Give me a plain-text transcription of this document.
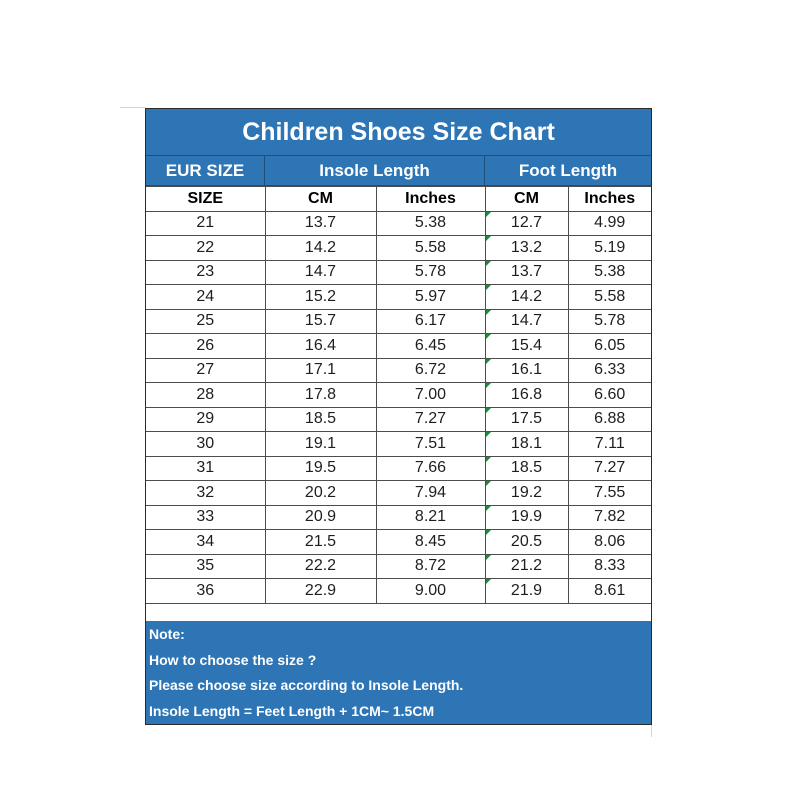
Children Shoes Size Chart
EUR SIZE	Insole Length	Foot Length
SIZE	CM	Inches	CM	Inches
21	13.7	5.38	12.7	4.99
22	14.2	5.58	13.2	5.19
23	14.7	5.78	13.7	5.38
24	15.2	5.97	14.2	5.58
25	15.7	6.17	14.7	5.78
26	16.4	6.45	15.4	6.05
27	17.1	6.72	16.1	6.33
28	17.8	7.00	16.8	6.60
29	18.5	7.27	17.5	6.88
30	19.1	7.51	18.1	7.11
31	19.5	7.66	18.5	7.27
32	20.2	7.94	19.2	7.55
33	20.9	8.21	19.9	7.82
34	21.5	8.45	20.5	8.06
35	22.2	8.72	21.2	8.33
36	22.9	9.00	21.9	8.61
Note:
How to choose the size ?
Please choose size according to Insole Length.
Insole Length = Feet Length + 1CM~ 1.5CM
